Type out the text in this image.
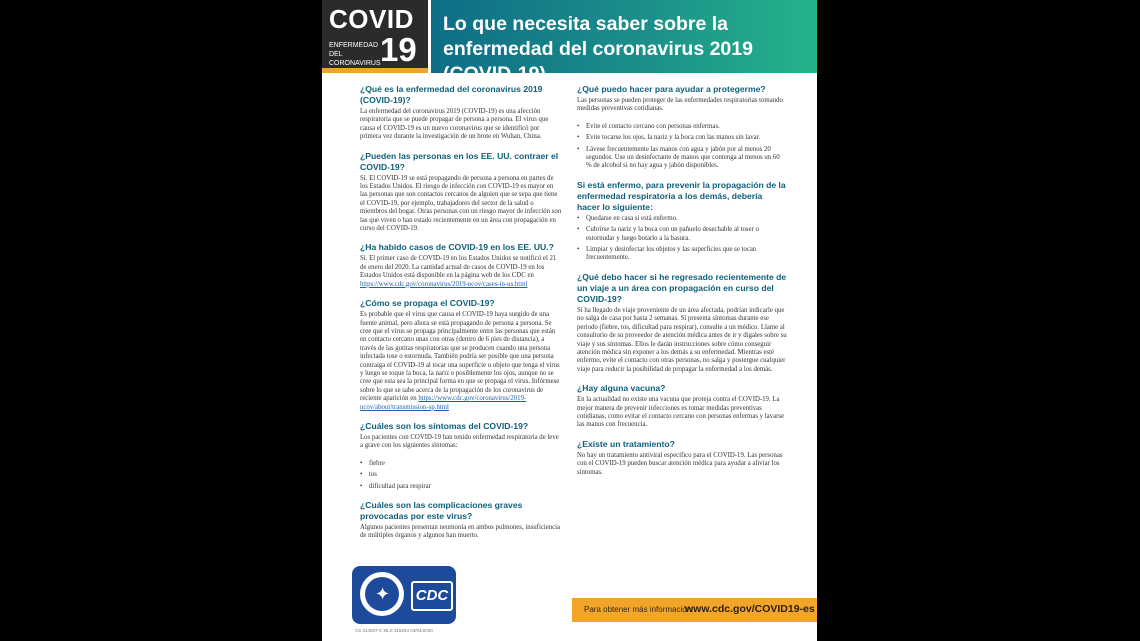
COVID
ENFERMEDAD DEL CORONAVIRUS 19
Lo que necesita saber sobre la enfermedad del coronavirus 2019 (COVID-19)
¿Qué es la enfermedad del coronavirus 2019 (COVID-19)?

La enfermedad del coronavirus 2019 (COVID-19) es una afección respiratoria que se puede propagar de persona a persona. El virus que causa el COVID-19 es un nuevo coronavirus que se identificó por primera vez durante la investigación de un brote en Wuhan, China.

¿Pueden las personas en los EE. UU. contraer el COVID-19?

Sí. El COVID-19 se está propagando de persona a persona en partes de los Estados Unidos. El riesgo de infección con COVID-19 es mayor en las personas que son contactos cercanos de alguien que se sepa que tiene el COVID-19, por ejemplo, trabajadores del sector de la salud o miembros del hogar. Otras personas con un riesgo mayor de infección son las que viven o han estado recientemente en un área con propagación en curso del COVID-19.

¿Ha habido casos de COVID-19 en los EE. UU.?

Sí. El primer caso de COVID-19 en los Estados Unidos se notificó el 21 de enero del 2020. La cantidad actual de casos de COVID-19 en los Estados Unidos está disponible en la página web de los CDC en https://www.cdc.gov/coronavirus/2019-ncov/cases-in-us.html

¿Cómo se propaga el COVID-19?

Es probable que el virus que causa el COVID-19 haya surgido de una fuente animal, pero ahora se está propagando de persona a persona. Se cree que el virus se propaga principalmente entre las personas que están en contacto cercano unas con otras (dentro de 6 pies de distancia), a través de las gotitas respiratorias que se producen cuando una persona infectada tose o estornuda. También podría ser posible que una persona contraiga el COVID-19 al tocar una superficie u objeto que tenga el virus y luego se toque la boca, la nariz o posiblemente los ojos, aunque no se cree que esta sea la principal forma en que se propaga el virus. Infórmese sobre lo que se sabe acerca de la propagación de los coronavirus de reciente aparición en https://www.cdc.gov/coronavirus/2019-ncov/about/transmission-sp.html

¿Cuáles son los síntomas del COVID-19?

Los pacientes con COVID-19 han tenido enfermedad respiratoria de leve a grave con los siguientes síntomas:

• fiebre
• tos
• dificultad para respirar
¿Cuáles son las complicaciones graves provocadas por este virus?

Algunos pacientes presentan neumonía en ambos pulmones, insuficiencia de múltiples órganos y algunos han muerto.

¿Qué puedo hacer para ayudar a protegerme?

Las personas se pueden proteger de las enfermedades respiratorias tomando medidas preventivas cotidianas.

• Evite el contacto cercano con personas enfermas.
• Evite tocarse los ojos, la nariz y la boca con las manos sin lavar.
• Lávese frecuentemente las manos con agua y jabón por al menos 20 segundos. Use un desinfectante de manos que contenga al menos un 60 % de alcohol si no hay agua y jabón disponibles.
Si está enfermo, para prevenir la propagación de la enfermedad respiratoria a los demás, debería hacer lo siguiente:
• Quedarse en casa si está enfermo.
• Cubrirse la nariz y la boca con un pañuelo desechable al toser o estornudar y luego botarlo a la basura.
• Limpiar y desinfectar los objetos y las superficies que se tocan frecuentemente.
¿Qué debo hacer si he regresado recientemente de un viaje a un área con propagación en curso del COVID-19?

Si ha llegado de viaje proveniente de un área afectada, podrían indicarle que no salga de casa por hasta 2 semanas. Si presenta síntomas durante ese período (fiebre, tos, dificultad para respirar), consulte a un médico. Llame al consultorio de su proveedor de atención médica antes de ir y dígales sobre su viaje y sus síntomas. Ellos le darán instrucciones sobre cómo conseguir atención médica sin exponer a los demás a su enfermedad. Mientras esté enfermo, evite el contacto con otras personas, no salga y postergue cualquier viaje para reducir la posibilidad de propagar la enfermedad a los demás.

¿Hay alguna vacuna?

En la actualidad no existe una vacuna que proteja contra el COVID-19. La mejor manera de prevenir infecciones es tomar medidas preventivas cotidianas, como evitar el contacto cercano con personas enfermas y lavarse las manos con frecuencia.

¿Existe un tratamiento?

No hay un tratamiento antiviral específico para el COVID-19. Las personas con el COVID-19 pueden buscar atención médica para ayudar a aliviar los síntomas.

✦	CDC
CS 314937-C MLS 315294 03/04/2020
Para obtener más información:
www.cdc.gov/COVID19-es
